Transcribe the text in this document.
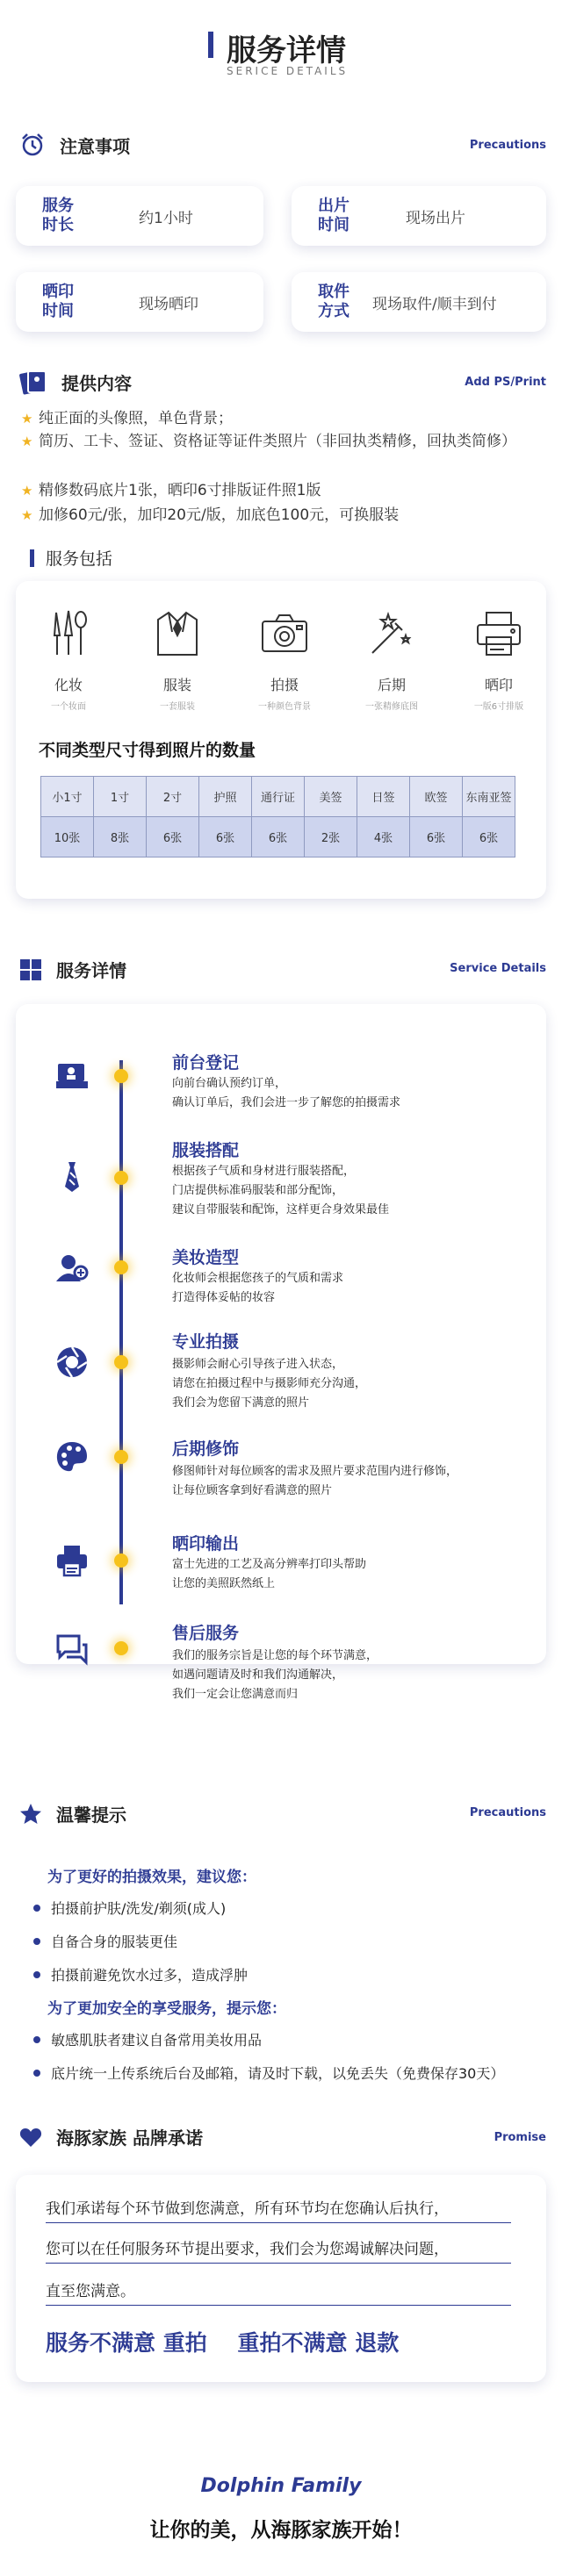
服务详情
SERICE DETAILS
注意事项	Precautions
服务时长	约1小时
出片时间	现场出片
晒印时间	现场晒印
取件方式	现场取件/顺丰到付
提供内容	Add PS/Print
★ 纯正面的头像照，单色背景；
★ 简历、工卡、签证、资格证等证件类照片（非回执类精修，回执类简修）
★ 精修数码底片1张，晒印6寸排版证件照1版
★ 加修60元/张，加印20元/版，加底色100元，可换服装
服务包括
化妆	服装	拍摄	后期	晒印
一个妆面	一套服装	一种颜色背景	一张精修底图	一版6寸排版
不同类型尺寸得到照片的数量
小1寸	1寸	2寸	护照	通行证	美签	日签	欧签	东南亚签
10张	8张	6张	6张	6张	2张	4张	6张	6张
服务详情	Service Details
前台登记
向前台确认预约订单，
确认订单后，我们会进一步了解您的拍摄需求
服装搭配
根据孩子气质和身材进行服装搭配，
门店提供标准码服装和部分配饰，
建议自带服装和配饰，这样更合身效果最佳
美妆造型
化妆师会根据您孩子的气质和需求
打造得体妥帖的妆容
专业拍摄
摄影师会耐心引导孩子进入状态，
请您在拍摄过程中与摄影师充分沟通，
我们会为您留下满意的照片
后期修饰
修图师针对每位顾客的需求及照片要求范围内进行修饰，
让每位顾客拿到好看满意的照片
晒印输出
富士先进的工艺及高分辨率打印头帮助
让您的美照跃然纸上
售后服务
我们的服务宗旨是让您的每个环节满意，
如遇问题请及时和我们沟通解决，
我们一定会让您满意而归
温馨提示	Precautions
为了更好的拍摄效果，建议您：
拍摄前护肤/洗发/剃须(成人)
自备合身的服装更佳
拍摄前避免饮水过多，造成浮肿
为了更加安全的享受服务，提示您：
敏感肌肤者建议自备常用美妆用品
底片统一上传系统后台及邮箱，请及时下载，以免丢失（免费保存30天）
海豚家族 品牌承诺	Promise
我们承诺每个环节做到您满意，所有环节均在您确认后执行，
您可以在任何服务环节提出要求，我们会为您竭诚解决问题，
直至您满意。
服务不满意 重拍    重拍不满意 退款
Dolphin Family
让你的美，从海豚家族开始！
